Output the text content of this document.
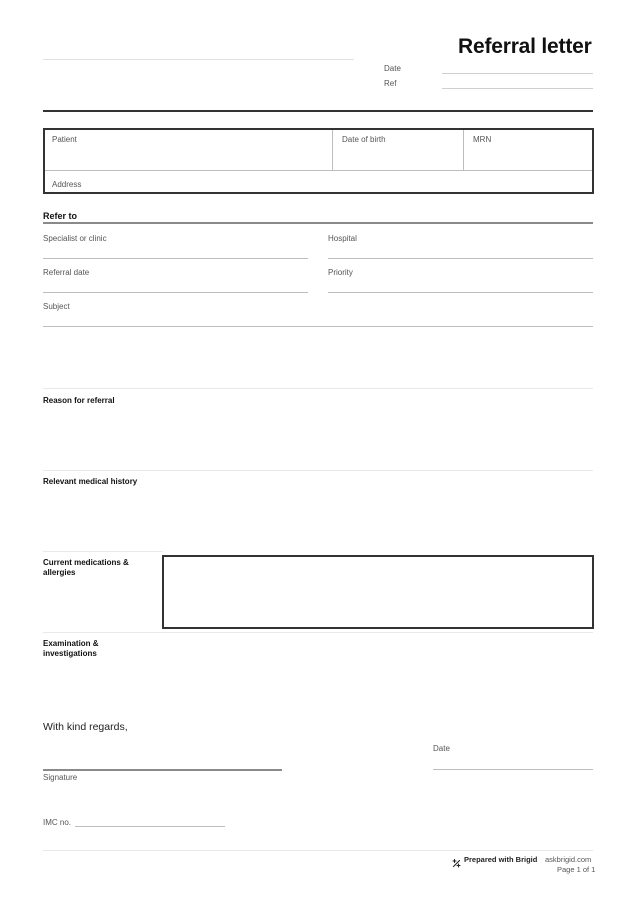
Referral letter
Date
Ref
Patient	Date of birth	MRN
Address
Refer to
Specialist or clinic	Hospital
Referral date	Priority
Subject
Reason for referral
Relevant medical history
Current medications &
allergies
Examination &
investigations
With kind regards,
Date
Signature
IMC no.
Prepared with Brigid askbrigid.com
Page 1 of 1
